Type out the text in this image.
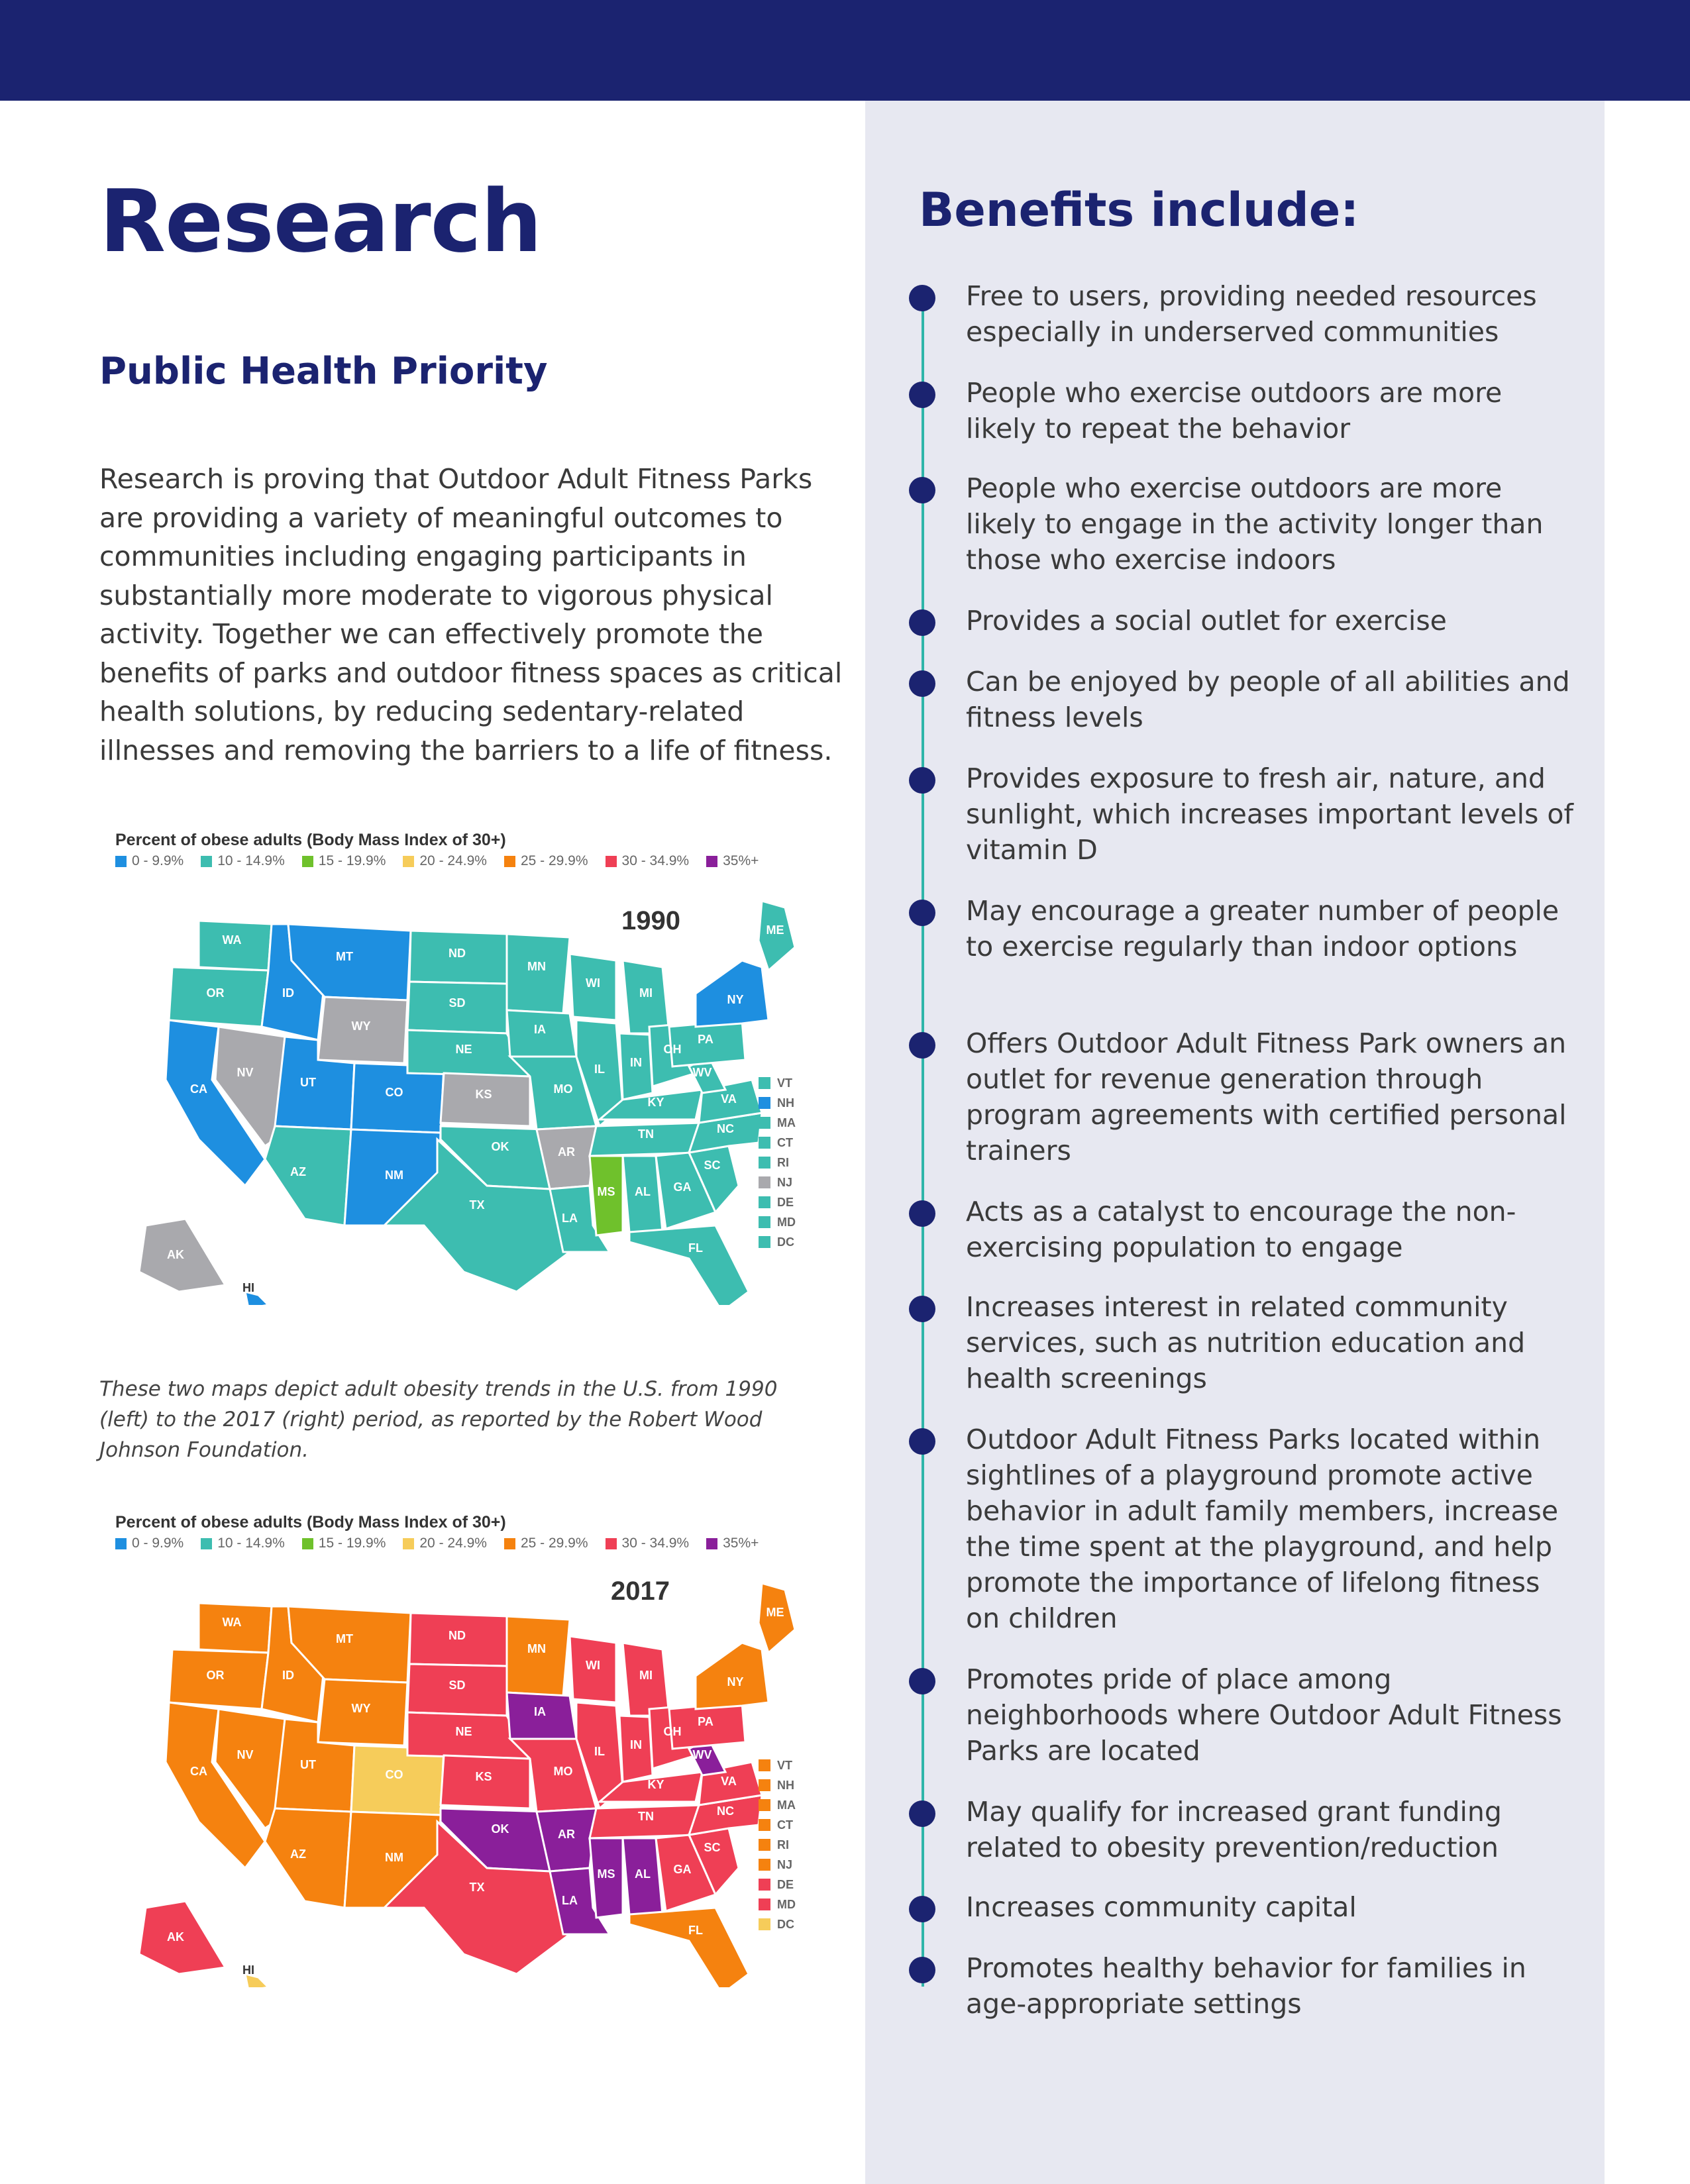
Research
Public Health Priority

Research is proving that Outdoor Adult Fitness Parks are providing a variety of meaningful outcomes to communities including engaging participants in substantially more moderate to vigorous physical activity. Together we can effectively promote the benefits of parks and outdoor fitness spaces as critical health solutions, by reducing sedentary-related illnesses and removing the barriers to a life of fitness.

Percent of obese adults (Body Mass Index of 30+)
0 - 9.9% 10 - 14.9% 15 - 19.9% 20 - 24.9% 25 - 29.9% 30 - 34.9% 35%+
1990
WA
OR
CA
NV
ID
MT
WY
UT
CO
AZ	NM
ND
SD
NE
KS
OK
TX
MN
IA
MO
AR
LA
WI
IL
MI
IN
OH
KY
TN
MS AL GA
FL
SC
NC
VA
WV
PA
NY
ME
AK
HI
VT
NH
MA
CT
RI
NJ
DE
MD
DC

These two maps depict adult obesity trends in the U.S. from 1990 (left) to the 2017 (right) period, as reported by the Robert Wood Johnson Foundation.

Percent of obese adults (Body Mass Index of 30+)
0 - 9.9% 10 - 14.9% 15 - 19.9% 20 - 24.9% 25 - 29.9% 30 - 34.9% 35%+
2017
WA
OR
CA
NV
ID
MT
WY
UT
CO
AZ	NM
ND
SD
NE
KS
OK
TX
MN
IA
MO
AR
LA
WI
IL
MI
IN
OH
KY
TN
MS AL GA
FL
SC
NC
VA
WV
PA
NY
ME
AK
HI
VT
NH
MA
CT
RI
NJ
DE
MD
DC
Benefits include:
Free to users, providing needed resources especially in underserved communities
People who exercise outdoors are more likely to repeat the behavior
People who exercise outdoors are more likely to engage in the activity longer than those who exercise indoors
Provides a social outlet for exercise
Can be enjoyed by people of all abilities and fitness levels
Provides exposure to fresh air, nature, and sunlight, which increases important levels of vitamin D
May encourage a greater number of people to exercise regularly than indoor options
Offers Outdoor Adult Fitness Park owners an outlet for revenue generation through program agreements with certified personal trainers
Acts as a catalyst to encourage the non-exercising population to engage
Increases interest in related community services, such as nutrition education and health screenings
Outdoor Adult Fitness Parks located within sightlines of a playground promote active behavior in adult family members, increase the time spent at the playground, and help promote the importance of lifelong fitness on children
Promotes pride of place among neighborhoods where Outdoor Adult Fitness Parks are located
May qualify for increased grant funding related to obesity prevention/reduction
Increases community capital
Promotes healthy behavior for families in age-appropriate settings
